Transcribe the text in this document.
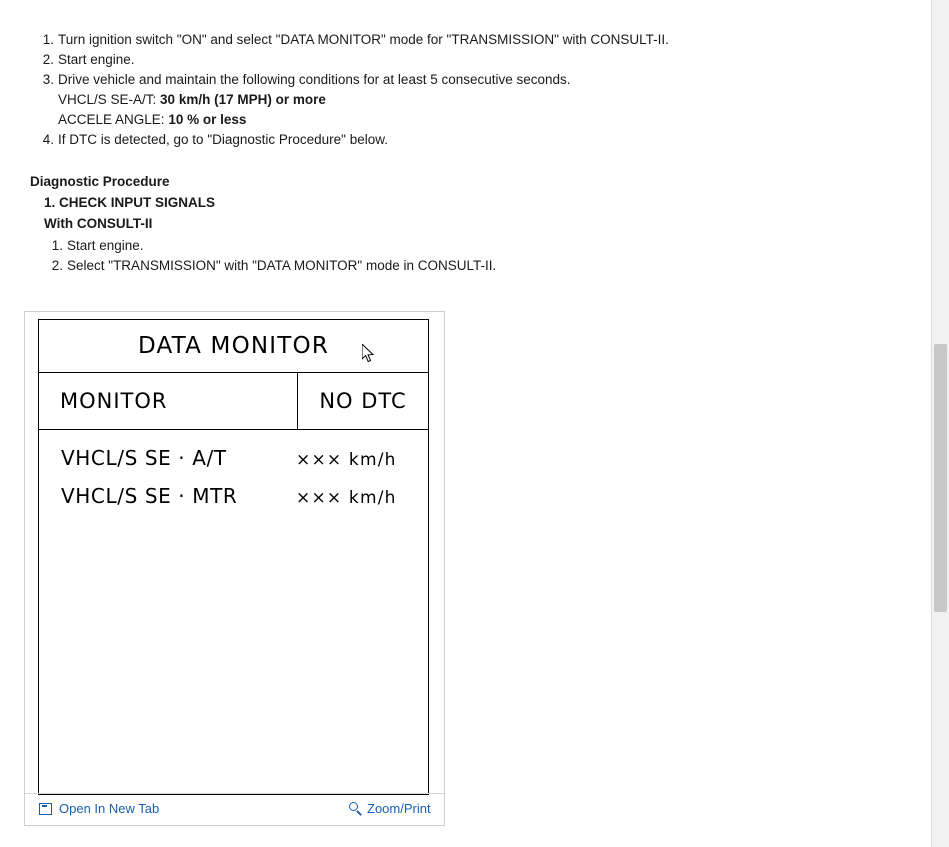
1. Turn ignition switch "ON" and select "DATA MONITOR" mode for "TRANSMISSION" with CONSULT-II.
2. Start engine.
3. Drive vehicle and maintain the following conditions for at least 5 consecutive seconds.
VHCL/S SE-A/T: 30 km/h (17 MPH) or more
ACCELE ANGLE: 10 % or less
4. If DTC is detected, go to "Diagnostic Procedure" below.
Diagnostic Procedure
1. CHECK INPUT SIGNALS
With CONSULT-II
1. Start engine.
2. Select "TRANSMISSION" with "DATA MONITOR" mode in CONSULT-II.
DATA MONITOR
MONITOR	NO DTC
VHCL/S SE · A/T	××× km/h
VHCL/S SE · MTR	××× km/h
Open In New Tab	Zoom/Print
